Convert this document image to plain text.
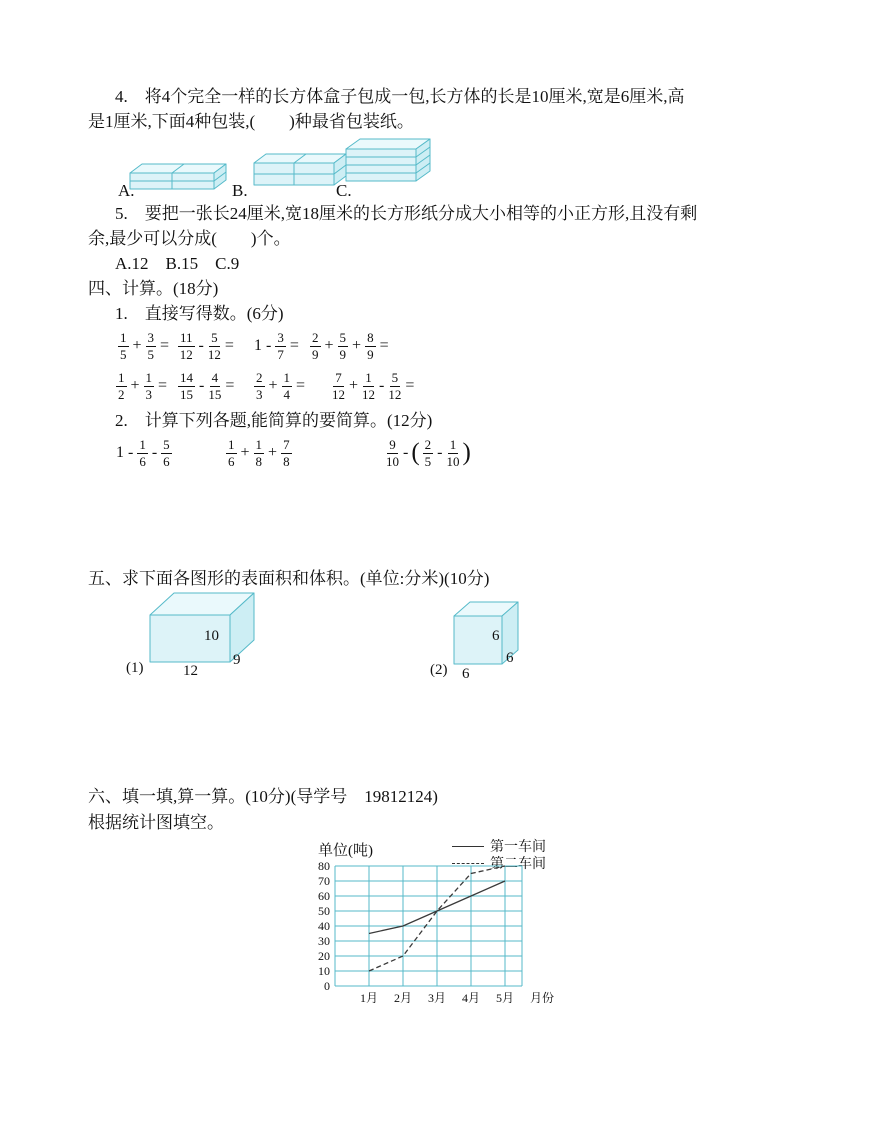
4.　将4个完全一样的长方体盒子包成一包,长方体的长是10厘米,宽是6厘米,高
是1厘米,下面4种包装,(　　)种最省包装纸。
A.	B.	C.
5.　要把一张长24厘米,宽18厘米的长方形纸分成大小相等的小正方形,且没有剩
余,最少可以分成(　　)个。
A.12　B.15　C.9
四、计算。(18分)
1.　直接写得数。(6分)
$\frac{1}{5} + \frac{3}{5} = \frac{11}{12} - \frac{5}{12} = 1 - \frac{3}{7} = \frac{2}{9} + \frac{5}{9} + \frac{8}{9}$ =
$\frac{1}{2} + \frac{1}{3} = \frac{14}{15} - \frac{4}{15} = \frac{2}{3} + \frac{1}{4} = \frac{7}{12} + \frac{1}{12} - \frac{5}{12}$ =
2.　计算下列各题,能简算的要简算。(12分)
$1 - \frac{1}{6} - \frac{5}{6}$	$\frac{1}{6} + \frac{1}{8} + \frac{7}{8}$	$\frac{9}{10}$ - ( $\frac{2}{5} - \frac{1}{10}$ )
五、求下面各图形的表面积和体积。(单位:分米)(10分)
10
12
9
(1)
6
6
6
(2)
六、填一填,算一算。(10分)(导学号　19812124)
根据统计图填空。
单位(吨)	第一车间
第二车间
0
10
20
30
40
50
60
70
80
1月 2月 3月 4月 5月 月份
